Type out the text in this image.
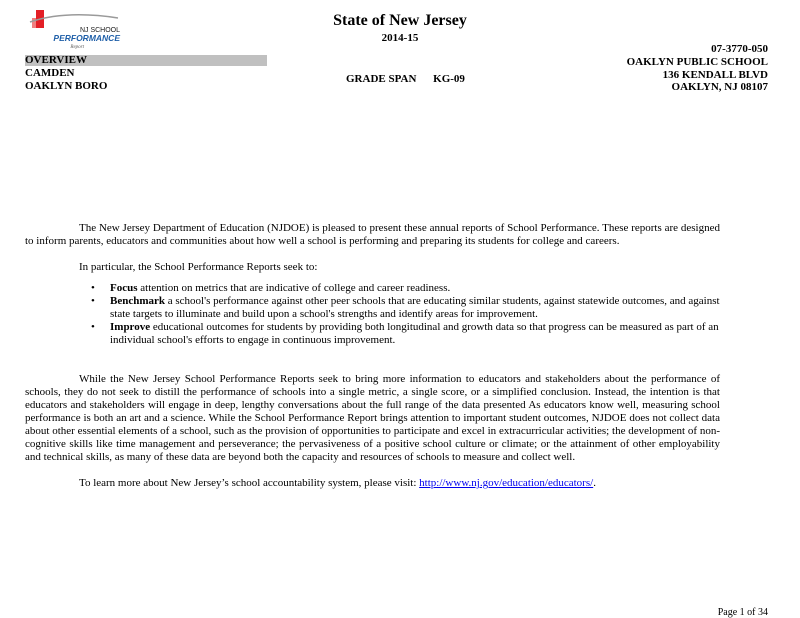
NJ SCHOOL
PERFORMANCE
Report
State of New Jersey
2014-15
OVERVIEW
CAMDEN
OAKLYN BORO
GRADE SPAN KG-09
07-3770-050
OAKLYN PUBLIC SCHOOL
136 KENDALL BLVD
OAKLYN, NJ 08107

The New Jersey Department of Education (NJDOE) is pleased to present these annual reports of School Performance. These reports are designed to inform parents, educators and communities about how well a school is performing and preparing its students for college and careers.

In particular, the School Performance Reports seek to:

• Focus attention on metrics that are indicative of college and career readiness.
• Benchmark a school's performance against other peer schools that are educating similar students, against statewide outcomes, and against state targets to illuminate and build upon a school's strengths and identify areas for improvement.
• Improve educational outcomes for students by providing both longitudinal and growth data so that progress can be measured as part of an individual school's efforts to engage in continuous improvement.

While the New Jersey School Performance Reports seek to bring more information to educators and stakeholders about the performance of schools, they do not seek to distill the performance of schools into a single metric, a single score, or a simplified conclusion. Instead, the intention is that educators and stakeholders will engage in deep, lengthy conversations about the full range of the data presented As educators know well, measuring school performance is both an art and a science. While the School Performance Report brings attention to important student outcomes, NJDOE does not collect data about other essential elements of a school, such as the provision of opportunities to participate and excel in extracurricular activities; the development of non-cognitive skills like time management and perseverance; the pervasiveness of a positive school culture or climate; or the attainment of other employability and technical skills, as many of these data are beyond both the capacity and resources of schools to measure and collect well.

To learn more about New Jersey’s school accountability system, please visit: http://www.nj.gov/education/educators/.

Page 1 of 34
